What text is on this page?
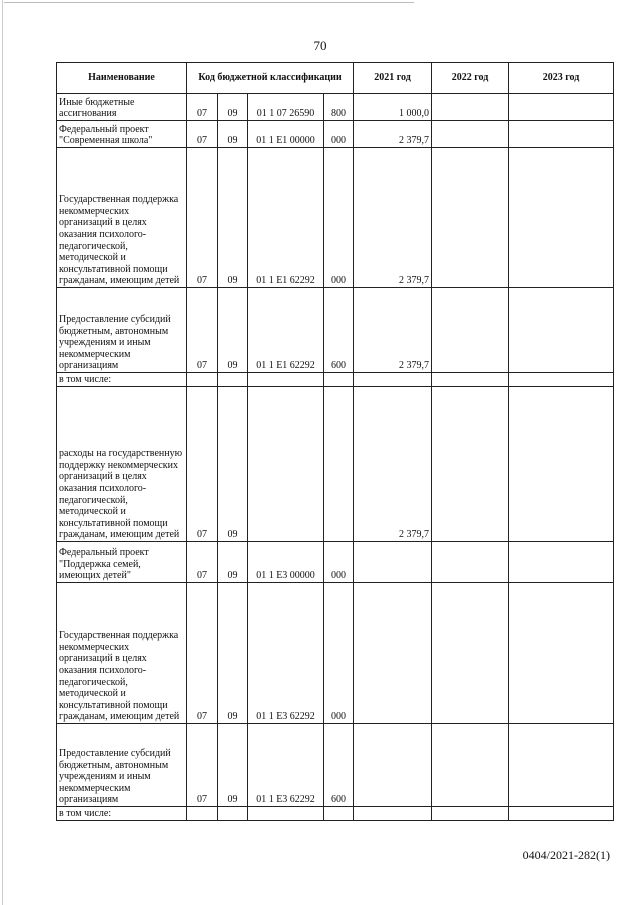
70
Наименование	Код бюджетной классификации				2021 год	2022 год	2023 год
Иные бюджетные ассигнования	07	09	01 1 07 26590	800	1 000,0		
Федеральный проект "Современная школа"	07	09	01 1 E1 00000	000	2 379,7		
Государственная поддержка некоммерческих организаций в целях оказания психолого-педагогической, методической и консультативной помощи гражданам, имеющим детей	07	09	01 1 E1 62292	000	2 379,7		
Предоставление субсидий бюджетным, автономным учреждениям и иным некоммерческим организациям	07	09	01 1 E1 62292	600	2 379,7		
в том числе:							
расходы на государственную поддержку некоммерческих организаций в целях оказания психолого-педагогической, методической и консультативной помощи гражданам, имеющим детей	07	09			2 379,7		
Федеральный проект "Поддержка семей, имеющих детей"	07	09	01 1 E3 00000	000			
Государственная поддержка некоммерческих организаций в целях оказания психолого-педагогической, методической и консультативной помощи гражданам, имеющим детей	07	09	01 1 E3 62292	000			
Предоставление субсидий бюджетным, автономным учреждениям и иным некоммерческим организациям	07	09	01 1 E3 62292	600			
в том числе:							
0404/2021-282(1)
